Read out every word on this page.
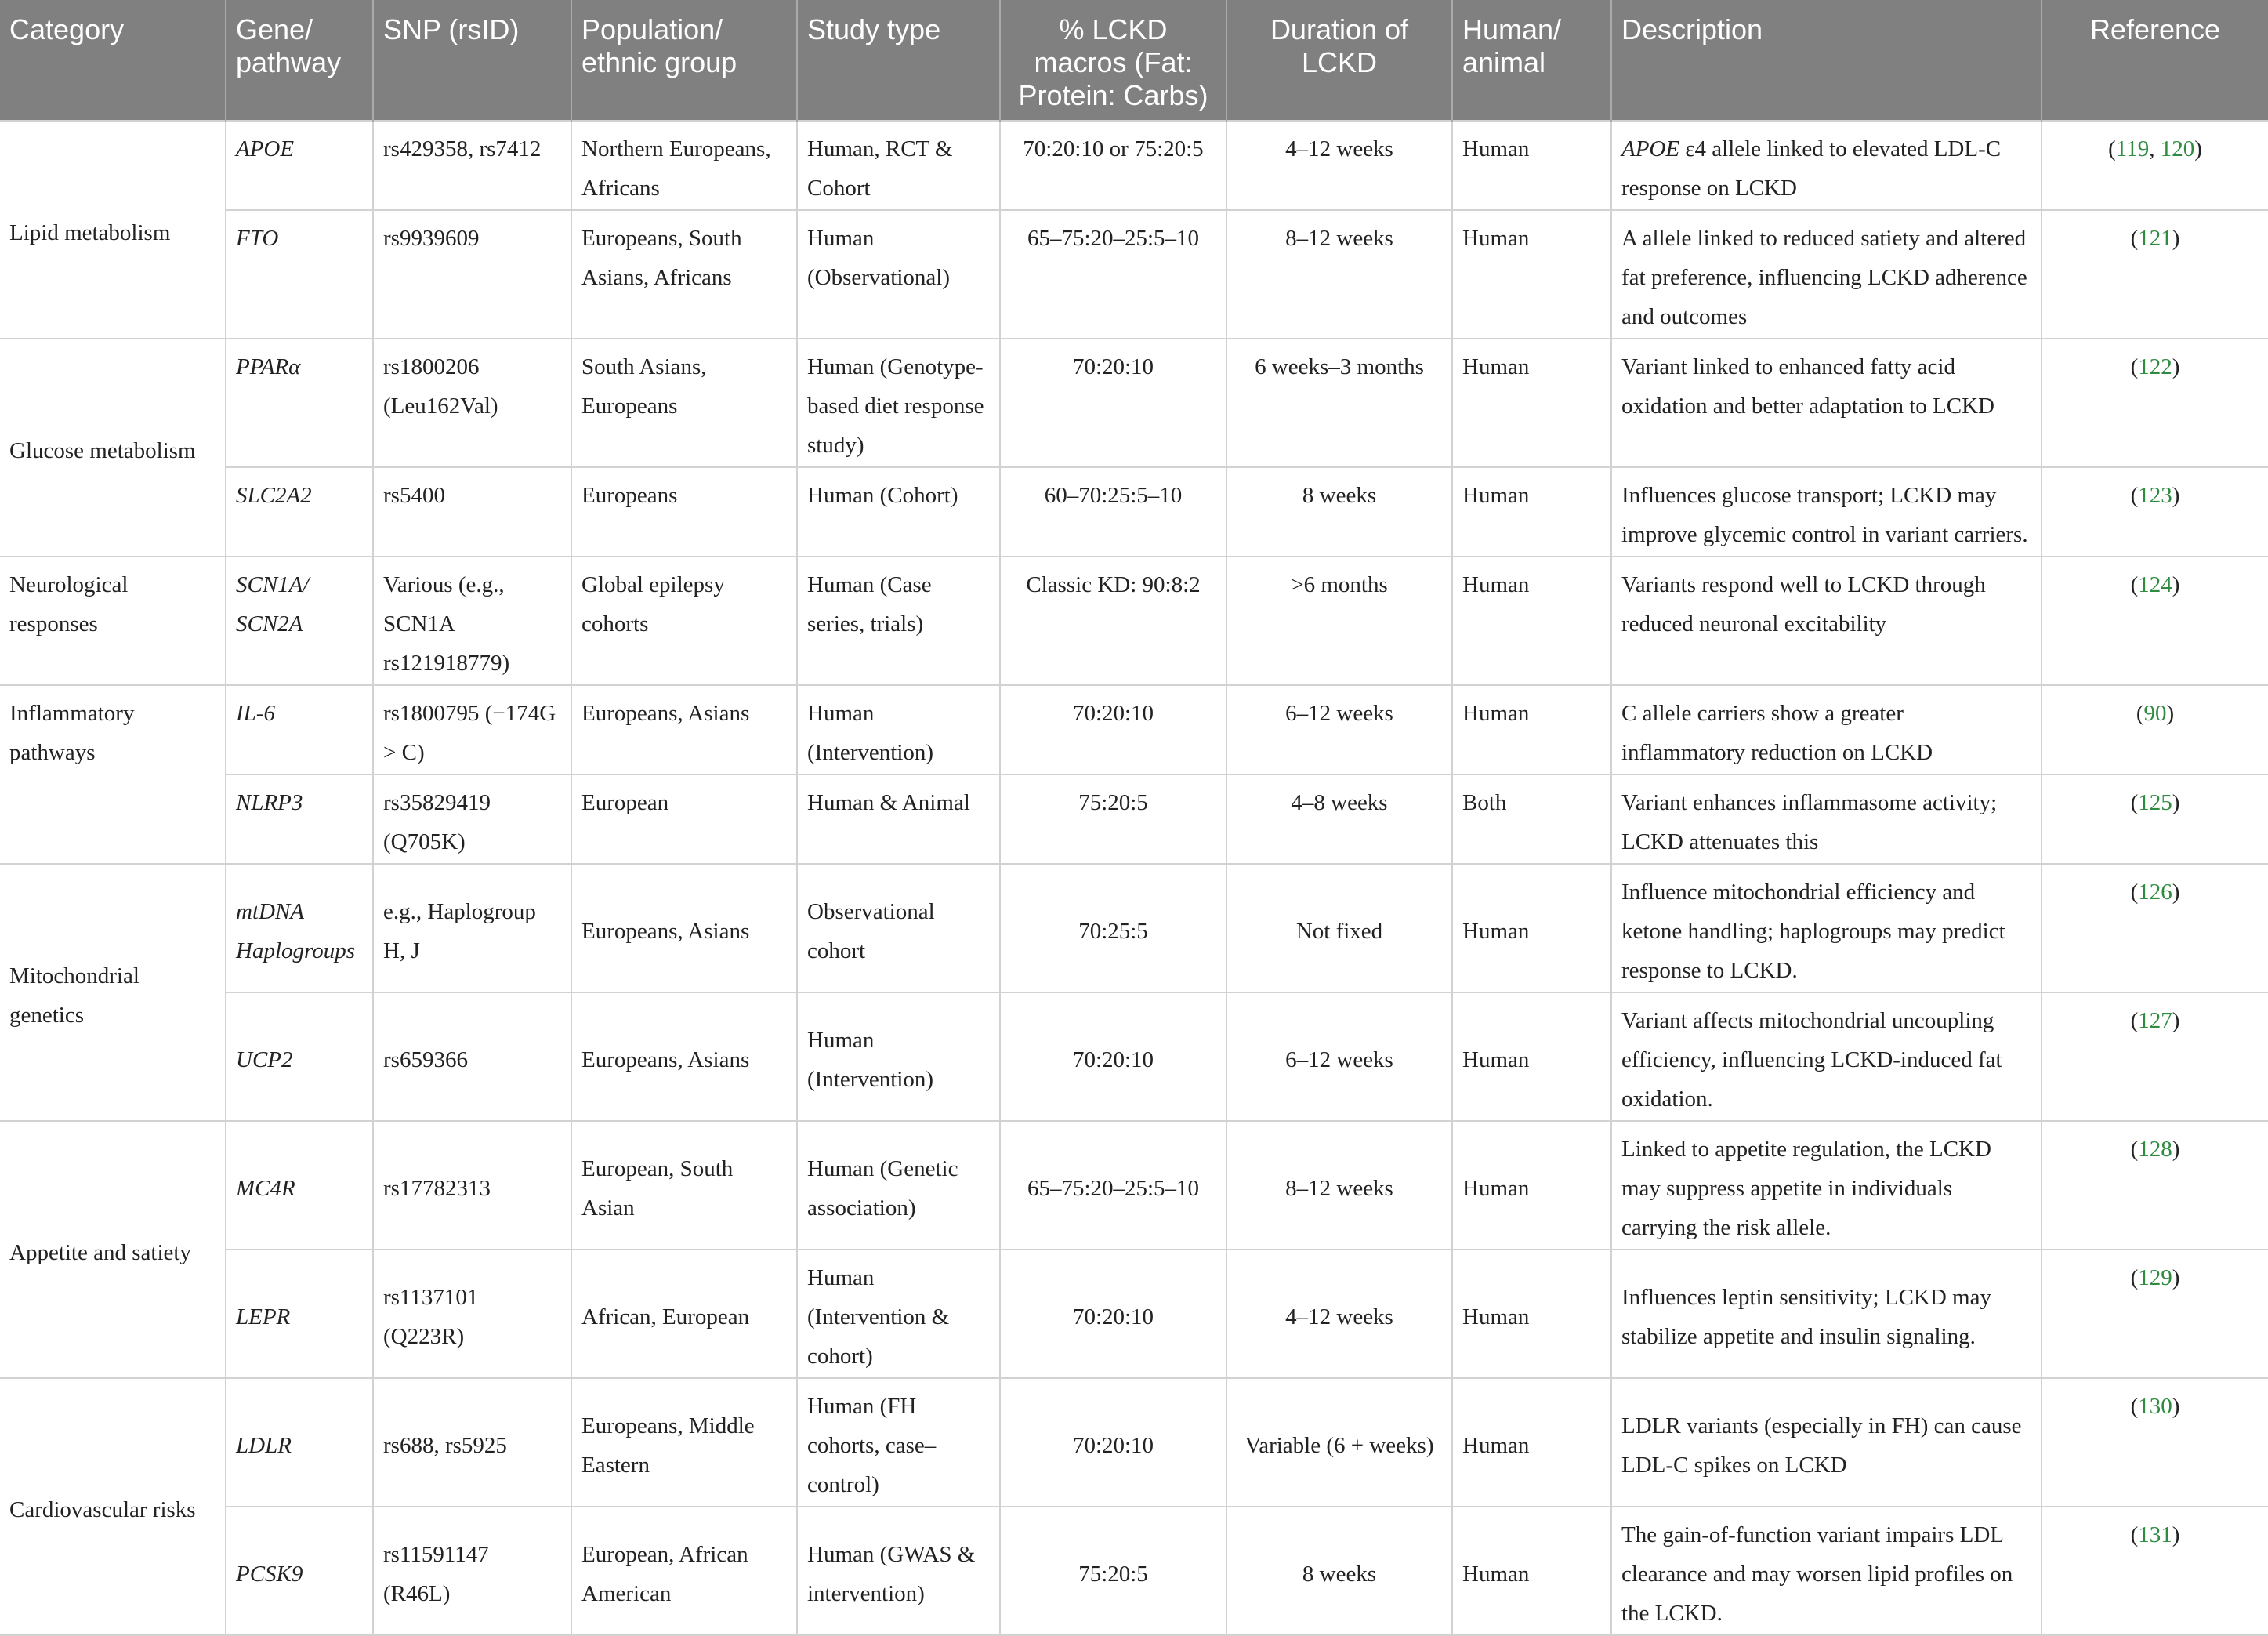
Category	Gene/ pathway	SNP (rsID)	Population/ ethnic group	Study type	% LCKD macros (Fat: Protein: Carbs)	Duration of LCKD	Human/ animal	Description	Reference
Lipid metabolism	APOE	rs429358, rs7412	Northern Europeans, Africans	Human, RCT & Cohort	70:20:10 or 75:20:5	4–12 weeks	Human	APOE ε4 allele linked to elevated LDL-C response on LCKD	(119, 120)
	FTO	rs9939609	Europeans, South Asians, Africans	Human (Observational)	65–75:20–25:5–10	8–12 weeks	Human	A allele linked to reduced satiety and altered fat preference, influencing LCKD adherence and outcomes	(121)
Glucose metabolism	PPARα	rs1800206 (Leu162Val)	South Asians, Europeans	Human (Genotype-based diet response study)	70:20:10	6 weeks–3 months	Human	Variant linked to enhanced fatty acid oxidation and better adaptation to LCKD	(122)
	SLC2A2	rs5400	Europeans	Human (Cohort)	60–70:25:5–10	8 weeks	Human	Influences glucose transport; LCKD may improve glycemic control in variant carriers.	(123)
Neurological responses	SCN1A/ SCN2A	Various (e.g., SCN1A rs121918779)	Global epilepsy cohorts	Human (Case series, trials)	Classic KD: 90:8:2	>6 months	Human	Variants respond well to LCKD through reduced neuronal excitability	(124)
Inflammatory pathways	IL-6	rs1800795 (−174G > C)	Europeans, Asians	Human (Intervention)	70:20:10	6–12 weeks	Human	C allele carriers show a greater inflammatory reduction on LCKD	(90)
	NLRP3	rs35829419 (Q705K)	European	Human & Animal	75:20:5	4–8 weeks	Both	Variant enhances inflammasome activity; LCKD attenuates this	(125)
Mitochondrial genetics	mtDNA Haplogroups	e.g., Haplogroup H, J	Europeans, Asians	Observational cohort	70:25:5	Not fixed	Human	Influence mitochondrial efficiency and ketone handling; haplogroups may predict response to LCKD.	(126)
	UCP2	rs659366	Europeans, Asians	Human (Intervention)	70:20:10	6–12 weeks	Human	Variant affects mitochondrial uncoupling efficiency, influencing LCKD-induced fat oxidation.	(127)
Appetite and satiety	MC4R	rs17782313	European, South Asian	Human (Genetic association)	65–75:20–25:5–10	8–12 weeks	Human	Linked to appetite regulation, the LCKD may suppress appetite in individuals carrying the risk allele.	(128)
	LEPR	rs1137101 (Q223R)	African, European	Human (Intervention & cohort)	70:20:10	4–12 weeks	Human	Influences leptin sensitivity; LCKD may stabilize appetite and insulin signaling.	(129)
Cardiovascular risks	LDLR	rs688, rs5925	Europeans, Middle Eastern	Human (FH cohorts, case–control)	70:20:10	Variable (6 + weeks)	Human	LDLR variants (especially in FH) can cause LDL-C spikes on LCKD	(130)
	PCSK9	rs11591147 (R46L)	European, African American	Human (GWAS & intervention)	75:20:5	8 weeks	Human	The gain-of-function variant impairs LDL clearance and may worsen lipid profiles on the LCKD.	(131)
